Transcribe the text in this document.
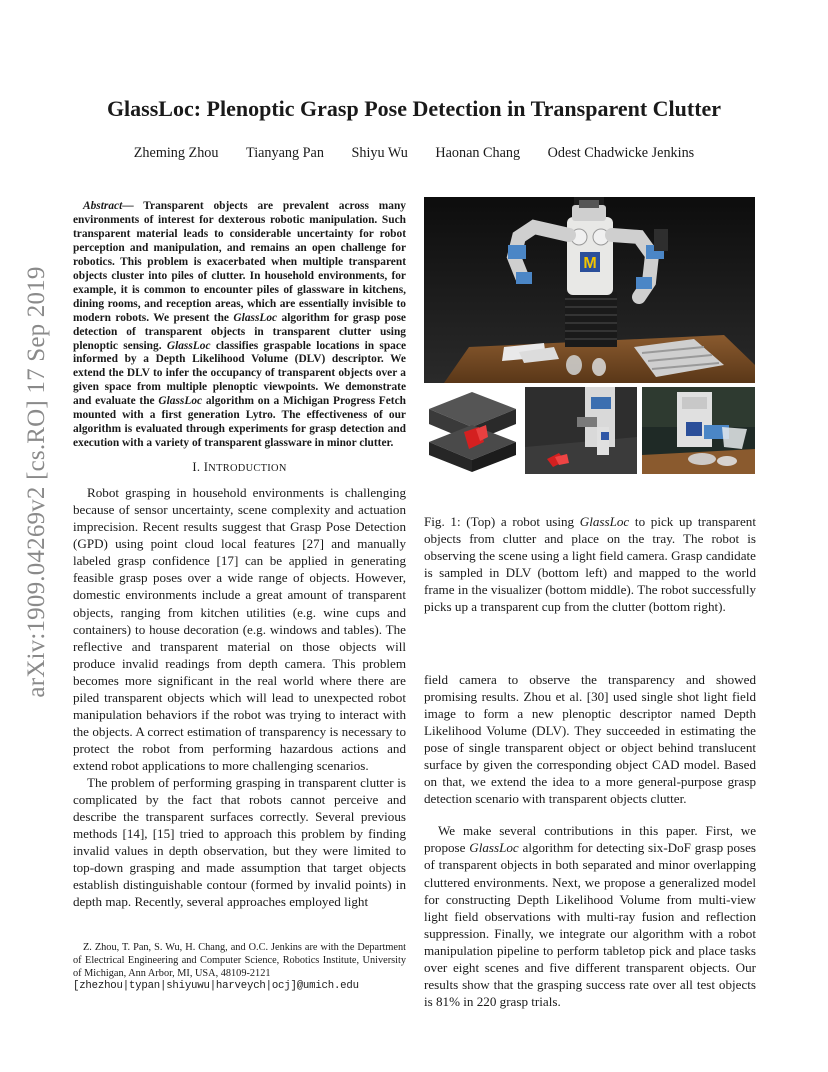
arXiv:1909.04269v2 [cs.RO] 17 Sep 2019
GlassLoc: Plenoptic Grasp Pose Detection in Transparent Clutter
Zheming Zhou Tianyang Pan Shiyu Wu Haonan Chang Odest Chadwicke Jenkins

Abstract— Transparent objects are prevalent across many environments of interest for dexterous robotic manipulation. Such transparent material leads to considerable uncertainty for robot perception and manipulation, and remains an open challenge for robotics. This problem is exacerbated when multiple transparent objects cluster into piles of clutter. In household environments, for example, it is common to encounter piles of glassware in kitchens, dining rooms, and reception areas, which are essentially invisible to modern robots. We present the GlassLoc algorithm for grasp pose detection of transparent objects in transparent clutter using plenoptic sensing. GlassLoc classifies graspable locations in space informed by a Depth Likelihood Volume (DLV) descriptor. We extend the DLV to infer the occupancy of transparent objects over a given space from multiple plenoptic viewpoints. We demonstrate and evaluate the GlassLoc algorithm on a Michigan Progress Fetch mounted with a first generation Lytro. The effectiveness of our algorithm is evaluated through experiments for grasp detection and execution with a variety of transparent glassware in minor clutter.

I. INTRODUCTION

Robot grasping in household environments is challenging because of sensor uncertainty, scene complexity and actuation imprecision. Recent results suggest that Grasp Pose Detection (GPD) using point cloud local features [27] and manually labeled grasp confidence [17] can be applied in generating feasible grasp poses over a wide range of objects. However, domestic environments include a great amount of transparent objects, ranging from kitchen utilities (e.g. wine cups and containers) to house decoration (e.g. windows and tables). The reflective and transparent material on those objects will produce invalid readings from depth camera. This problem becomes more significant in the real world where there are piled transparent objects which will lead to unexpected robot manipulation behaviors if the robot was trying to interact with the objects. A correct estimation of transparency is necessary to protect the robot from performing hazardous actions and extend robot applications to more challenging scenarios.

The problem of performing grasping in transparent clutter is complicated by the fact that robots cannot perceive and describe the transparent surfaces correctly. Several previous methods [14], [15] tried to approach this problem by finding invalid values in depth observation, but they were limited to top-down grasping and made assumption that target objects establish distinguishable contour (formed by invalid points) in depth map. Recently, several approaches employed light

Z. Zhou, T. Pan, S. Wu, H. Chang, and O.C. Jenkins are with the Department of Electrical Engineering and Computer Science, Robotics Institute, University of Michigan, Ann Arbor, MI, USA, 48109-2121
[zhezhou|typan|shiyuwu|harveych|ocj]@umich.edu
M

Fig. 1: (Top) a robot using GlassLoc to pick up transparent objects from clutter and place on the tray. The robot is observing the scene using a light field camera. Grasp candidate is sampled in DLV (bottom left) and mapped to the world frame in the visualizer (bottom middle). The robot successfully picks up a transparent cup from the clutter (bottom right).

field camera to observe the transparency and showed promising results. Zhou et al. [30] used single shot light field image to form a new plenoptic descriptor named Depth Likelihood Volume (DLV). They succeeded in estimating the pose of single transparent object or object behind translucent surface by given the corresponding object CAD model. Based on that, we extend the idea to a more general-purpose grasp detection scenario with transparent objects clutter.

We make several contributions in this paper. First, we propose GlassLoc algorithm for detecting six-DoF grasp poses of transparent objects in both separated and minor overlapping cluttered environments. Next, we propose a generalized model for constructing Depth Likelihood Volume from multi-view light field observations with multi-ray fusion and reflection suppression. Finally, we integrate our algorithm with a robot manipulation pipeline to perform tabletop pick and place tasks over eight scenes and five different transparent objects. Our results show that the grasping success rate over all test objects is 81% in 220 grasp trials.
